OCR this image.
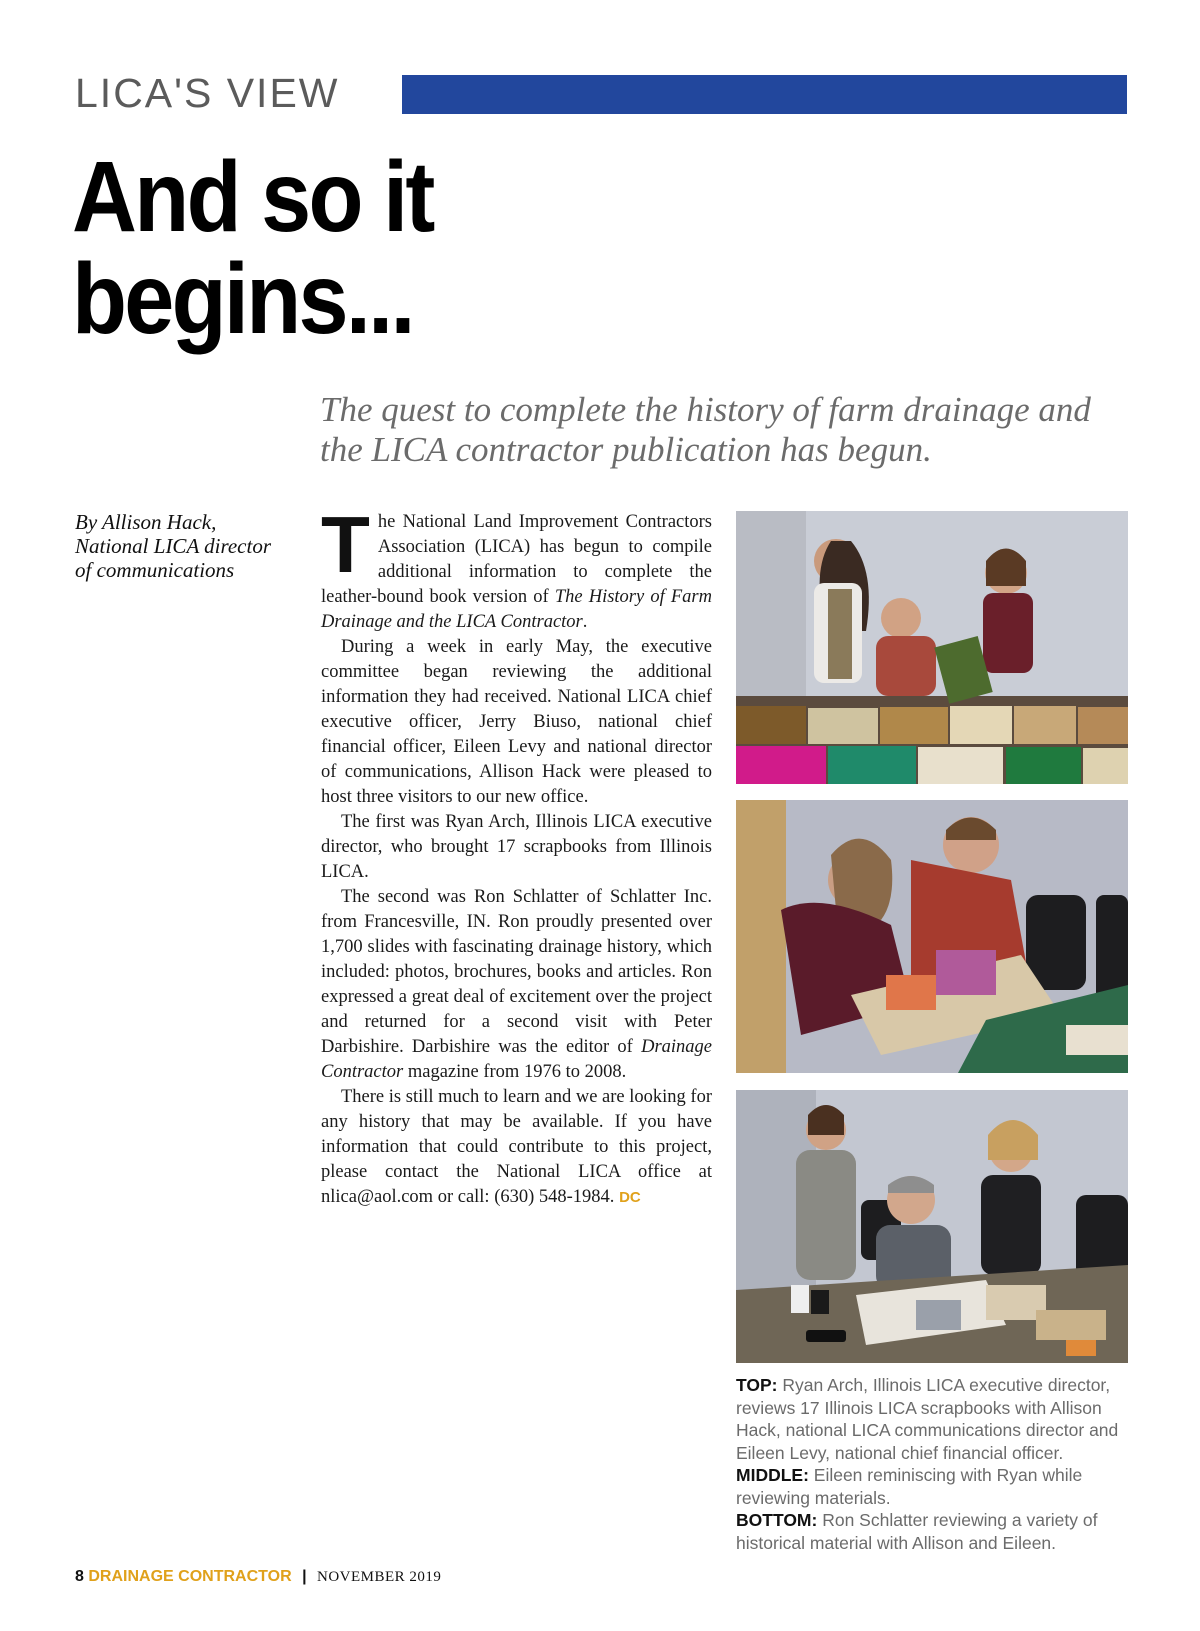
LICA'S VIEW
And so it
begins...
The quest to complete the history of farm drainage and the LICA contractor publication has begun.
By Allison Hack,
National LICA director
of communications	The National Land Improvement Contractors Association (LICA) has begun to compile additional information to complete the leather-bound book version of The History of Farm Drainage and the LICA Contractor.

During a week in early May, the executive committee began reviewing the additional information they had received. National LICA chief executive officer, Jerry Biuso, national chief financial officer, Eileen Levy and national director of communications, Allison Hack were pleased to host three visitors to our new office.

The first was Ryan Arch, Illinois LICA executive director, who brought 17 scrapbooks from Illinois LICA.

The second was Ron Schlatter of Schlatter Inc. from Francesville, IN. Ron proudly presented over 1,700 slides with fascinating drainage history, which included: photos, brochures, books and articles. Ron expressed a great deal of excitement over the project and returned for a second visit with Peter Darbishire. Darbishire was the editor of Drainage Contractor magazine from 1976 to 2008.

There is still much to learn and we are looking for any history that may be available. If you have information that could contribute to this project, please contact the National LICA office at nlica@aol.com or call: (630) 548-1984. DC

TOP: Ryan Arch, Illinois LICA executive director, reviews 17 Illinois LICA scrapbooks with Allison Hack, national LICA communications director and Eileen Levy, national chief financial officer.

MIDDLE: Eileen reminiscing with Ryan while reviewing materials.

BOTTOM: Ron Schlatter reviewing a variety of historical material with Allison and Eileen.

8 DRAINAGE CONTRACTOR | NOVEMBER 2019
